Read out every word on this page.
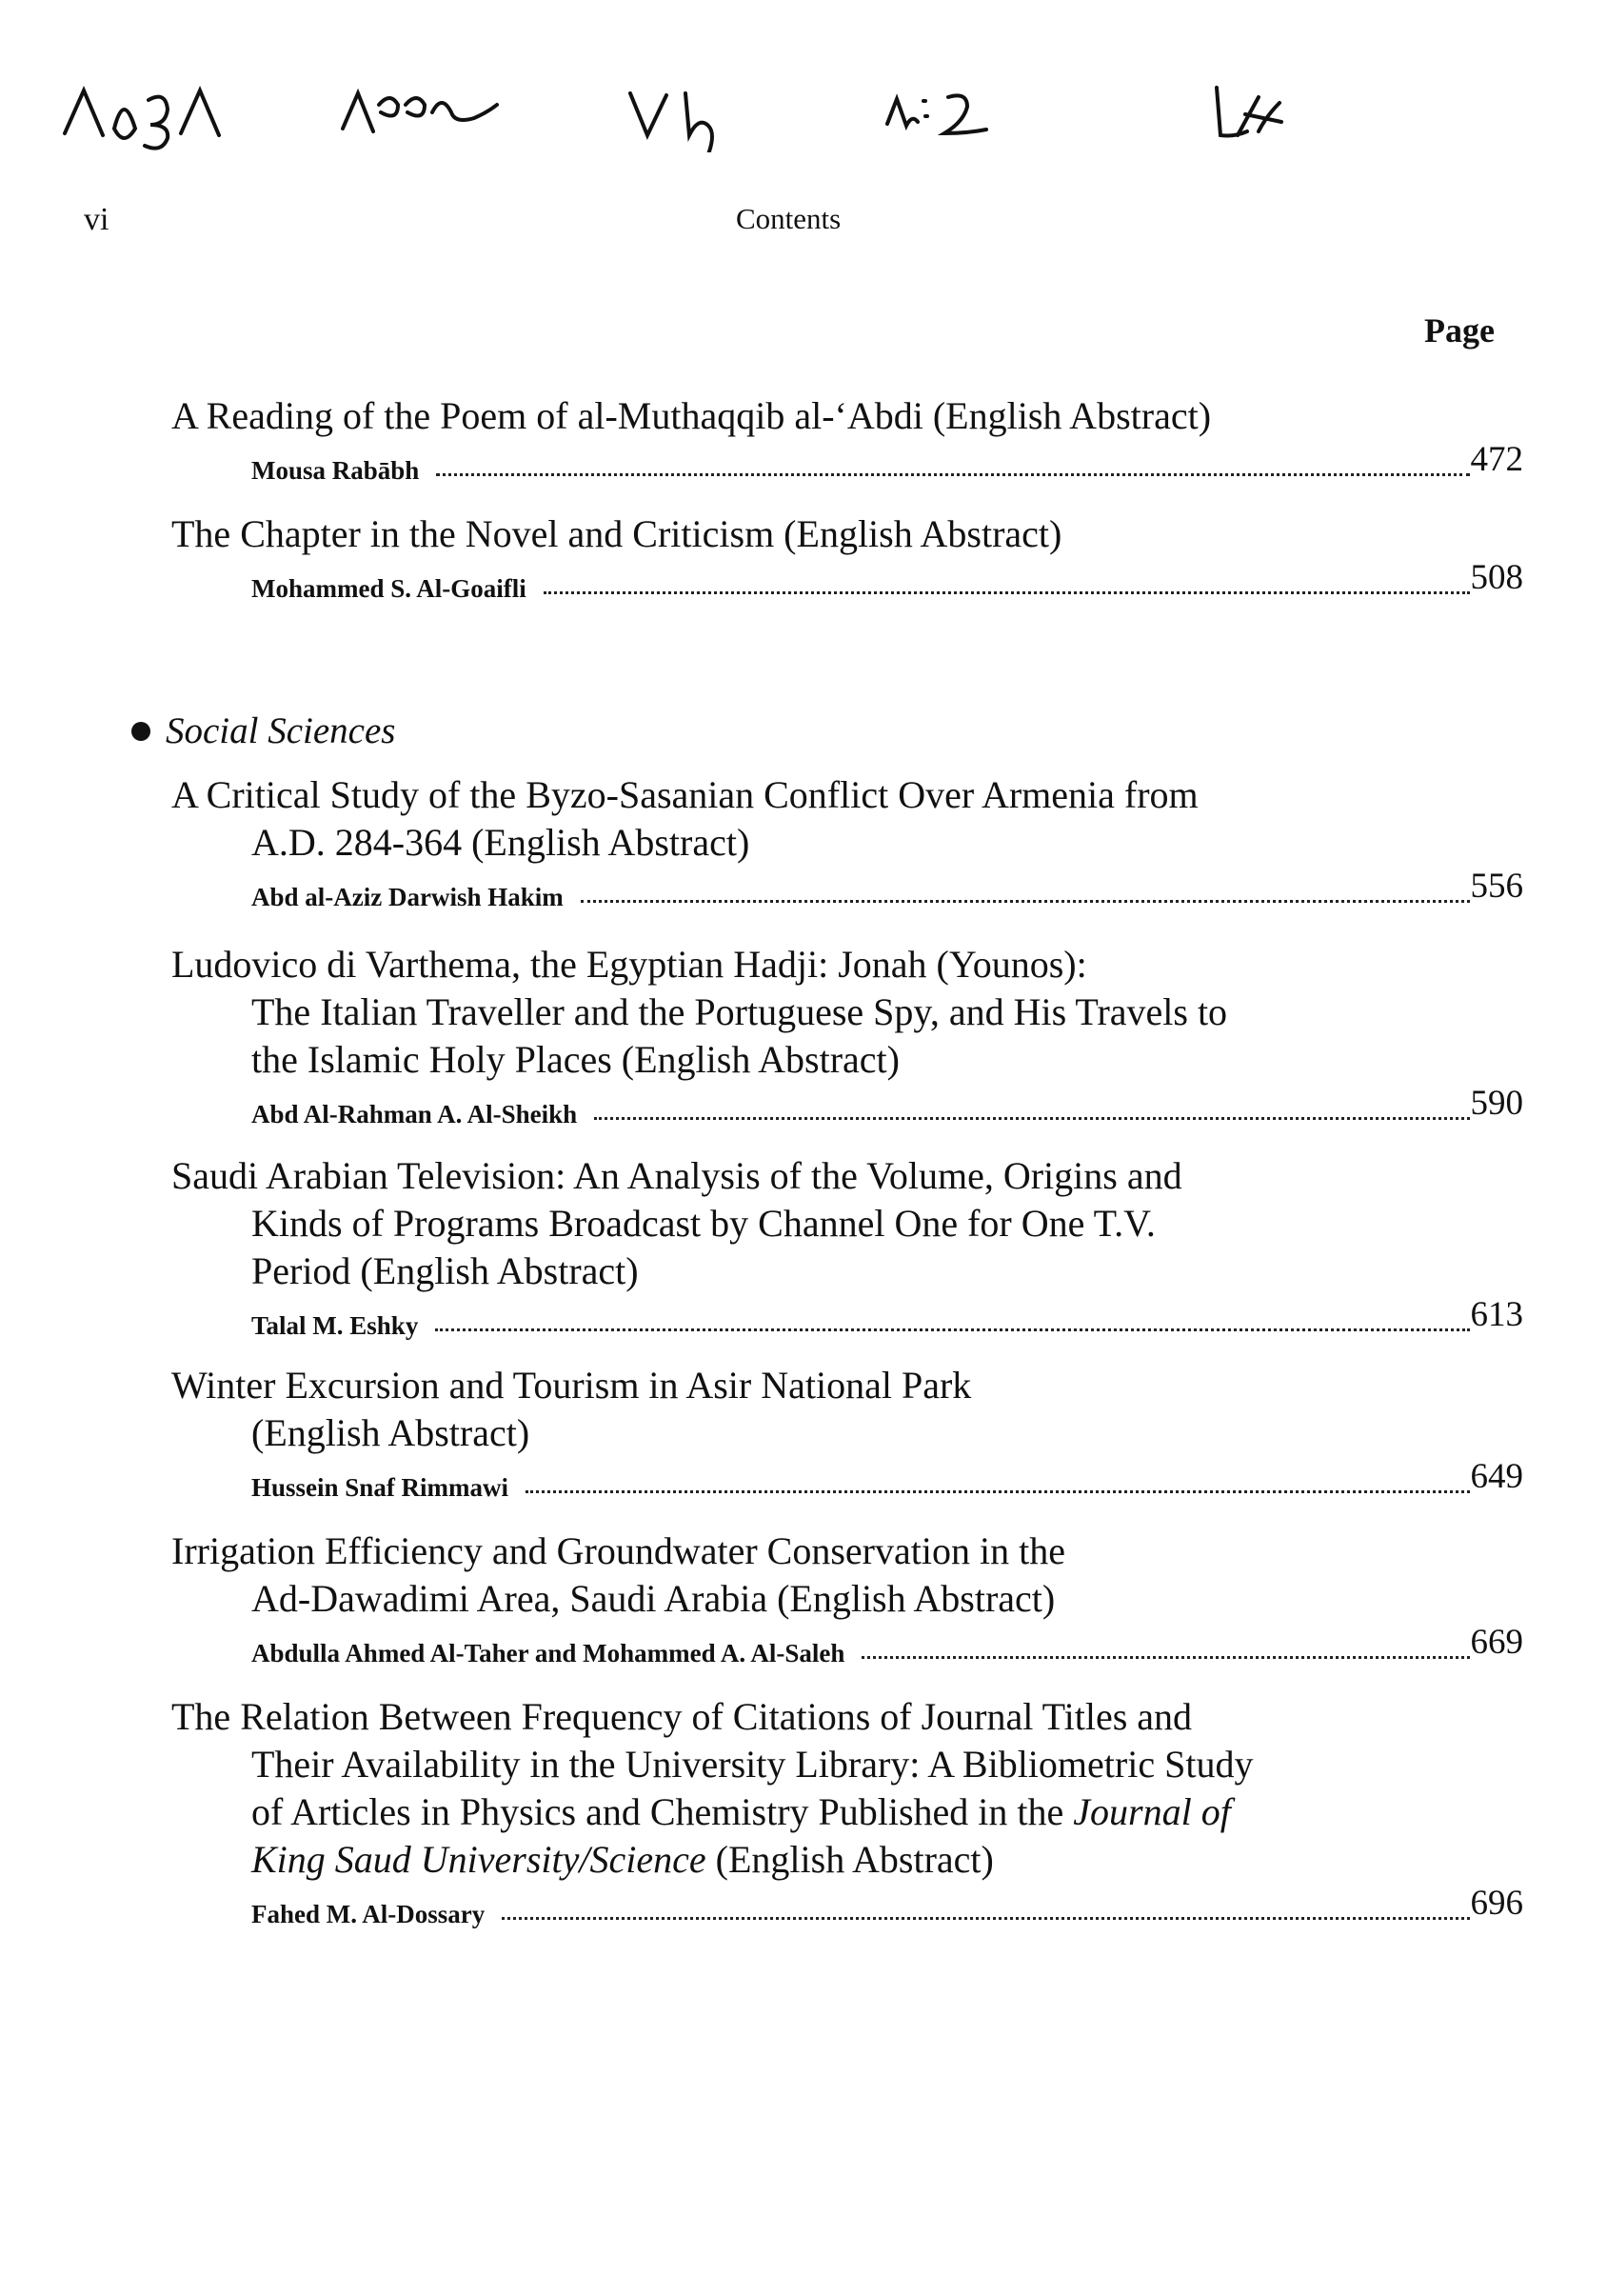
vi	Contents
Page
A Reading of the Poem of al-Muthaqqib al-‘Abdi (English Abstract)
Mousa Rabābh	472
The Chapter in the Novel and Criticism (English Abstract)
Mohammed S. Al-Goaifli	508
Social Sciences
A Critical Study of the Byzo-Sasanian Conflict Over Armenia from
A.D. 284-364 (English Abstract)
Abd al-Aziz Darwish Hakim	556
Ludovico di Varthema, the Egyptian Hadji: Jonah (Younos):
The Italian Traveller and the Portuguese Spy, and His Travels to
the Islamic Holy Places (English Abstract)
Abd Al-Rahman A. Al-Sheikh	590
Saudi Arabian Television: An Analysis of the Volume, Origins and
Kinds of Programs Broadcast by Channel One for One T.V.
Period (English Abstract)
Talal M. Eshky	613
Winter Excursion and Tourism in Asir National Park
(English Abstract)
Hussein Snaf Rimmawi	649
Irrigation Efficiency and Groundwater Conservation in the
Ad-Dawadimi Area, Saudi Arabia (English Abstract)
Abdulla Ahmed Al-Taher and Mohammed A. Al-Saleh	669
The Relation Between Frequency of Citations of Journal Titles and
Their Availability in the University Library: A Bibliometric Study
of Articles in Physics and Chemistry Published in the Journal of
King Saud University/Science (English Abstract)
Fahed M. Al-Dossary	696
